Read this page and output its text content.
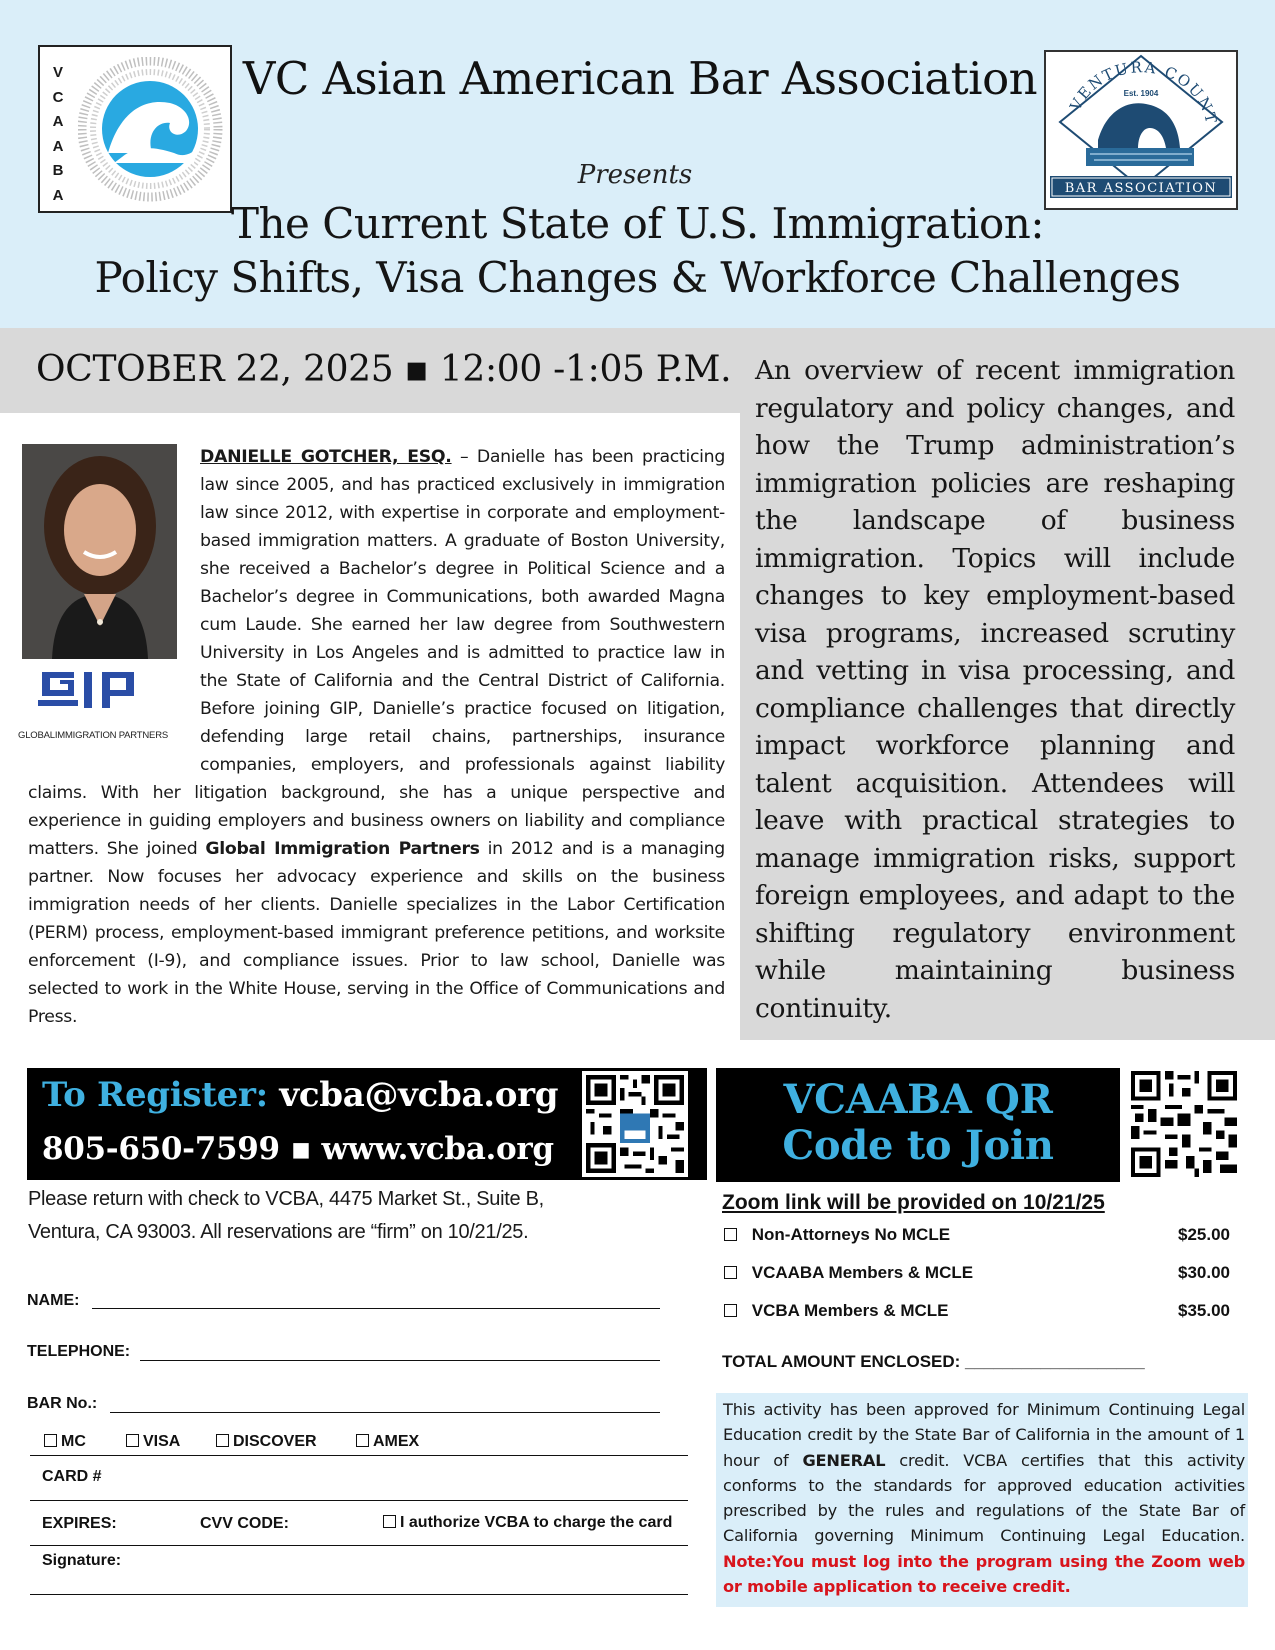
V
C
A
A
B
A
VC Asian American Bar Association
Presents
The Current State of U.S. Immigration:
Policy Shifts, Visa Changes & Workforce Challenges
VENTURA COUNT
Est. 1904
BAR ASSOCIATION
OCTOBER 22, 2025 ▪ 12:00 -1:05 P.M. An overview of recent immigration regulatory and policy changes, and how the Trump administration’s immigration policies are reshaping the landscape of business immigration. Topics will include changes to key employment-based visa programs, increased scrutiny and vetting in visa processing, and compliance challenges that directly impact workforce planning and talent acquisition. Attendees will leave with practical strategies to manage immigration risks, support foreign employees, and adapt to the shifting regulatory environment while maintaining business continuity.
GLOBALIMMIGRATION PARTNERS
DANIELLE GOTCHER, ESQ. – Danielle has been practicing law since 2005, and has practiced exclusively in immigration law since 2012, with expertise in corporate and employment-based immigration matters. A graduate of Boston University, she received a Bachelor’s degree in Political Science and a Bachelor’s degree in Communications, both awarded Magna cum Laude. She earned her law degree from Southwestern University in Los Angeles and is admitted to practice law in the State of California and the Central District of California. Before joining GIP, Danielle’s practice focused on litigation, defending large retail chains, partnerships, insurance companies, employers, and professionals against liability claims. With her litigation background, she has a unique perspective and experience in guiding employers and business owners on liability and compliance matters. She joined Global Immigration Partners in 2012 and is a managing partner. Now focuses her advocacy experience and skills on the business immigration needs of her clients. Danielle specializes in the Labor Certification (PERM) process, employment-based immigrant preference petitions, and worksite enforcement (I-9), and compliance issues. Prior to law school, Danielle was selected to work in the White House, serving in the Office of Communications and Press.
To Register: vcba@vcba.org
805-650-7599 ▪ www.vcba.org
Please return with check to VCBA, 4475 Market St., Suite B,
Ventura, CA 93003. All reservations are “firm” on 10/21/25.
NAME:
TELEPHONE:
BAR No.:
MC	VISA	DISCOVER	AMEX
CARD #
EXPIRES:	CVV CODE:	I authorize VCBA to charge the card
Signature:
VCAABA QR
Code to Join
Zoom link will be provided on 10/21/25
Non-Attorneys No MCLE	$25.00
VCAABA Members & MCLE	$30.00
VCBA Members & MCLE	$35.00
TOTAL AMOUNT ENCLOSED: ___________________
This activity has been approved for Minimum Continuing Legal Education credit by the State Bar of California in the amount of 1 hour of GENERAL credit. VCBA certifies that this activity conforms to the standards for approved education activities prescribed by the rules and regulations of the State Bar of California governing Minimum Continuing Legal Education. Note:You must log into the program using the Zoom web or mobile application to receive credit.
